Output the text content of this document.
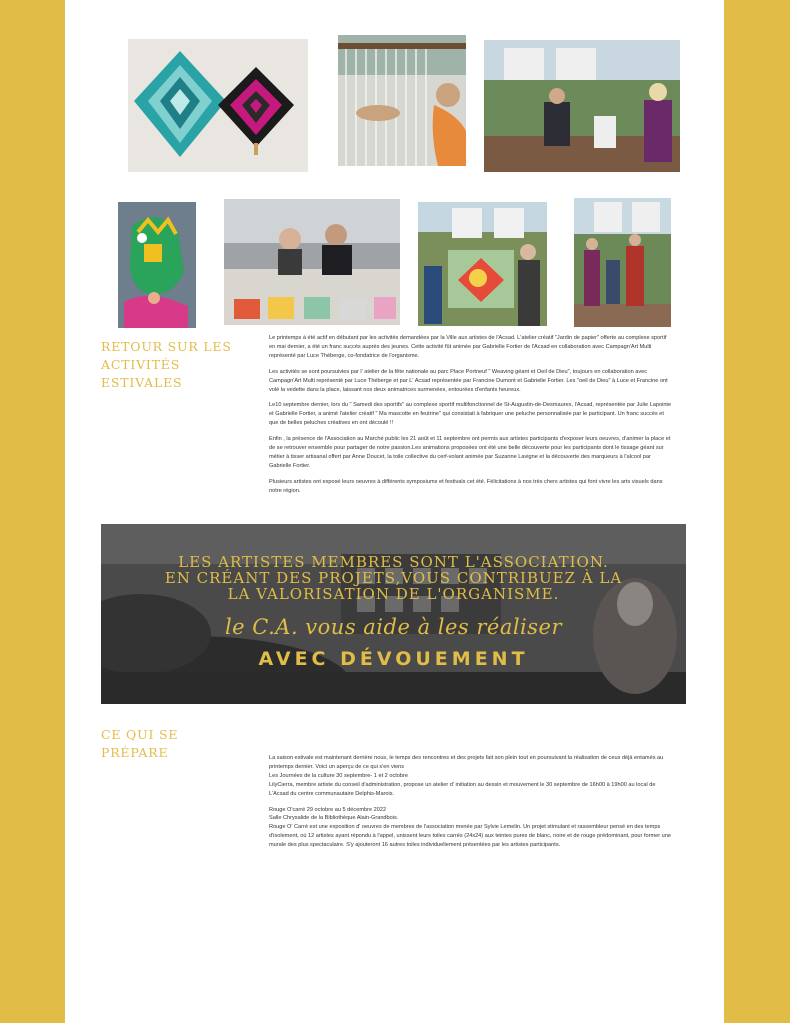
RETOUR SUR LES
ACTIVITÉS
ESTIVALES

Le printemps à été actif en débutant par les activités demandées par la Ville aux artistes de l'Acsad. L'atelier créatif "Jardin de papier" offerte au complexe sportif en mai dernier, a été un franc succès auprès des jeunes. Cette activité fût animée par Gabrielle Fortier de l'Acsad en collaboration avec Campagn'Art Multi représenté par Luce Théberge, co-fondatrice de l'organisme.

Les activités se sont poursuivies par l' atelier de la fête nationale au parc Place Portneuf " Weaving géant et Oeil de Dieu", toujours en collaboration avec Campagn'Art Multi représenté par Luce Théberge et par L' Acsad représentée par Francine Dumont et Gabrielle Fortier. Les "oeil de Dieu" à Luce et Francine ont volé la vedette dans la place, laissant nos deux animatrices surmenées, entourées d'enfants heureux.

Le10 septembre dernier, lors du " Samedi des sportifs" au complexe sportif multifonctionnel de St-Augustin-de-Desmaures, l'Acsad, représentée par Julie Lapointe et Gabrielle Fortier, a animé l'atelier créatif " Ma mascotte en feutrine" qui consistait à fabriquer une peluche personnalisée par le participant. Un franc succès et que de belles peluches créatives en ont découlé !!

Enfin , la présence de l'Association au Marché public les 21 août et 11 septembre ont permis aux artistes participants d'exposer leurs oeuvres, d'animer la place et de se retrouver ensemble pour partager de notre passion.Les animations proposées ont été une belle découverte pour les participants dont le tissage géant sur métier à tisser artisanal offert par Anne Doucet, la toile collective du cerf-volant animée par Suzanne Lavigne et la découverte des marqueurs à l'alcool par Gabrielle Fortier.

Plusieurs artistes ont exposé leurs oeuvres à différents symposiums et festivals cet été. Félicitations à nos très chers artistes qui font vivre les arts visuels dans notre région.

LES ARTISTES MEMBRES SONT L'ASSOCIATION.

EN CRÉANT DES PROJETS,VOUS CONTRIBUEZ À LA

LA VALORISATION DE L'ORGANISME.

le C.A. vous aide à les réaliser

AVEC DÉVOUEMENT

CE QUI SE
PRÉPARE	La saison estivale est maintenant derrière nous, le temps des rencontres et des projets fait son plein tout en poursuivant la réalisation de ceux déjà entamés au printemps dernier. Voici un aperçu de ce qui s'en viens

Les Journées de la culture 30 septembre- 1 et 2 octobre

LilyCierra, membre artiste du conseil d'administration, propose un atelier d' initiation au dessin et mouvement le 30 septembre de 16h00 à 19h00 au local de L'Acsad du centre communautaire Delphis-Marois.

Rouge O'carré 29 octobre au 5 décembre 2022

Salle Chrysalide de la Bibliothèque Alain-Grandbois.

Rouge O' Carré est une exposition d' oeuvres de membres de l'association menée par Sylvie Lemelin. Un projet stimulant et rassembleur pensé en des temps d'isolement, où 12 artistes ayant répondu à l'appel, unissent leurs toiles carrés (24x24) aux teintes pures de blanc, noire et de rouge prédominant, pour former une murale des plus spectaculaire. S'y ajouteront 16 autres toiles individuellement présentées par les artistes participants.
